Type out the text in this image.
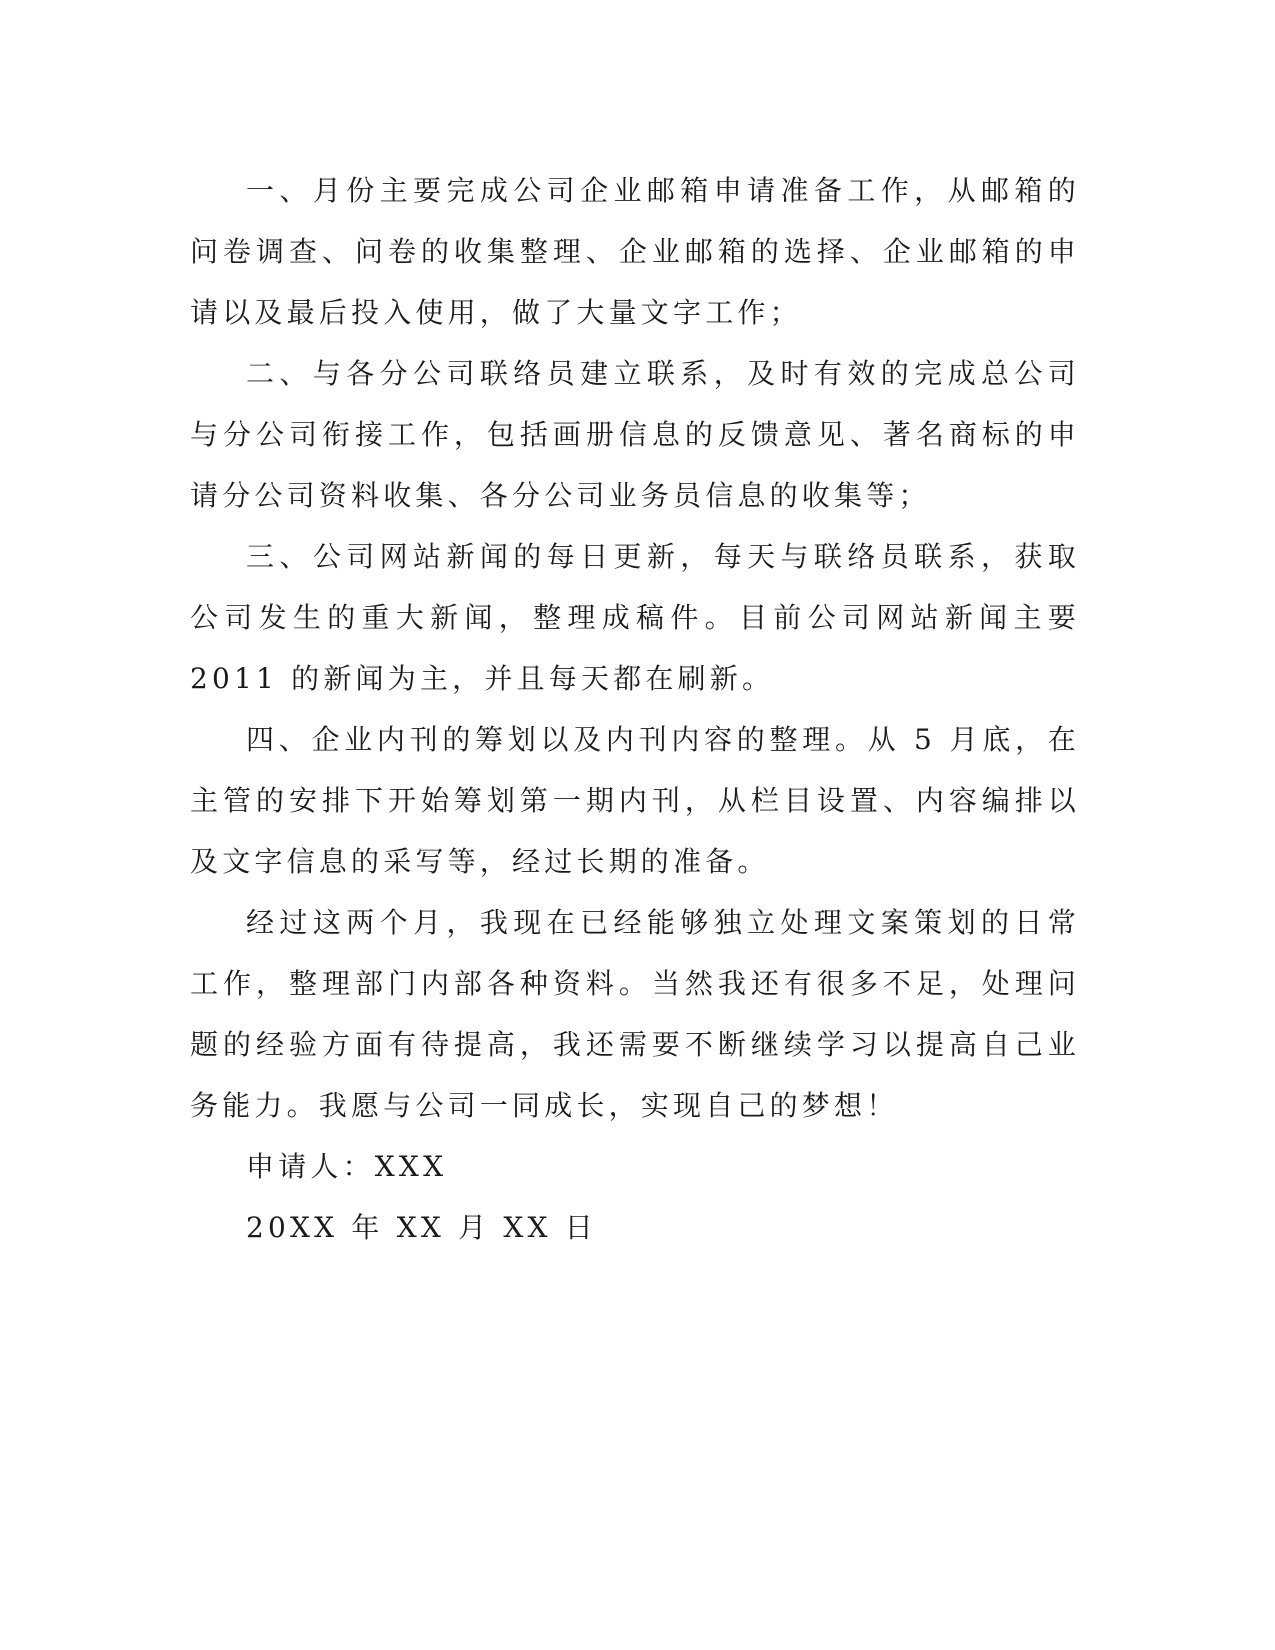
一、月份主要完成公司企业邮箱申请准备工作，从邮箱的问卷调查、问卷的收集整理、企业邮箱的选择、企业邮箱的申请以及最后投入使用，做了大量文字工作；

二、与各分公司联络员建立联系，及时有效的完成总公司与分公司衔接工作，包括画册信息的反馈意见、著名商标的申请分公司资料收集、各分公司业务员信息的收集等；

三、公司网站新闻的每日更新，每天与联络员联系，获取公司发生的重大新闻，整理成稿件。目前公司网站新闻主要 2011 的新闻为主，并且每天都在刷新。

四、企业内刊的筹划以及内刊内容的整理。从 5 月底，在主管的安排下开始筹划第一期内刊，从栏目设置、内容编排以及文字信息的采写等，经过长期的准备。

经过这两个月，我现在已经能够独立处理文案策划的日常工作，整理部门内部各种资料。当然我还有很多不足，处理问题的经验方面有待提高，我还需要不断继续学习以提高自己业务能力。我愿与公司一同成长，实现自己的梦想！

申请人：XXX

20XX 年 XX 月 XX 日
